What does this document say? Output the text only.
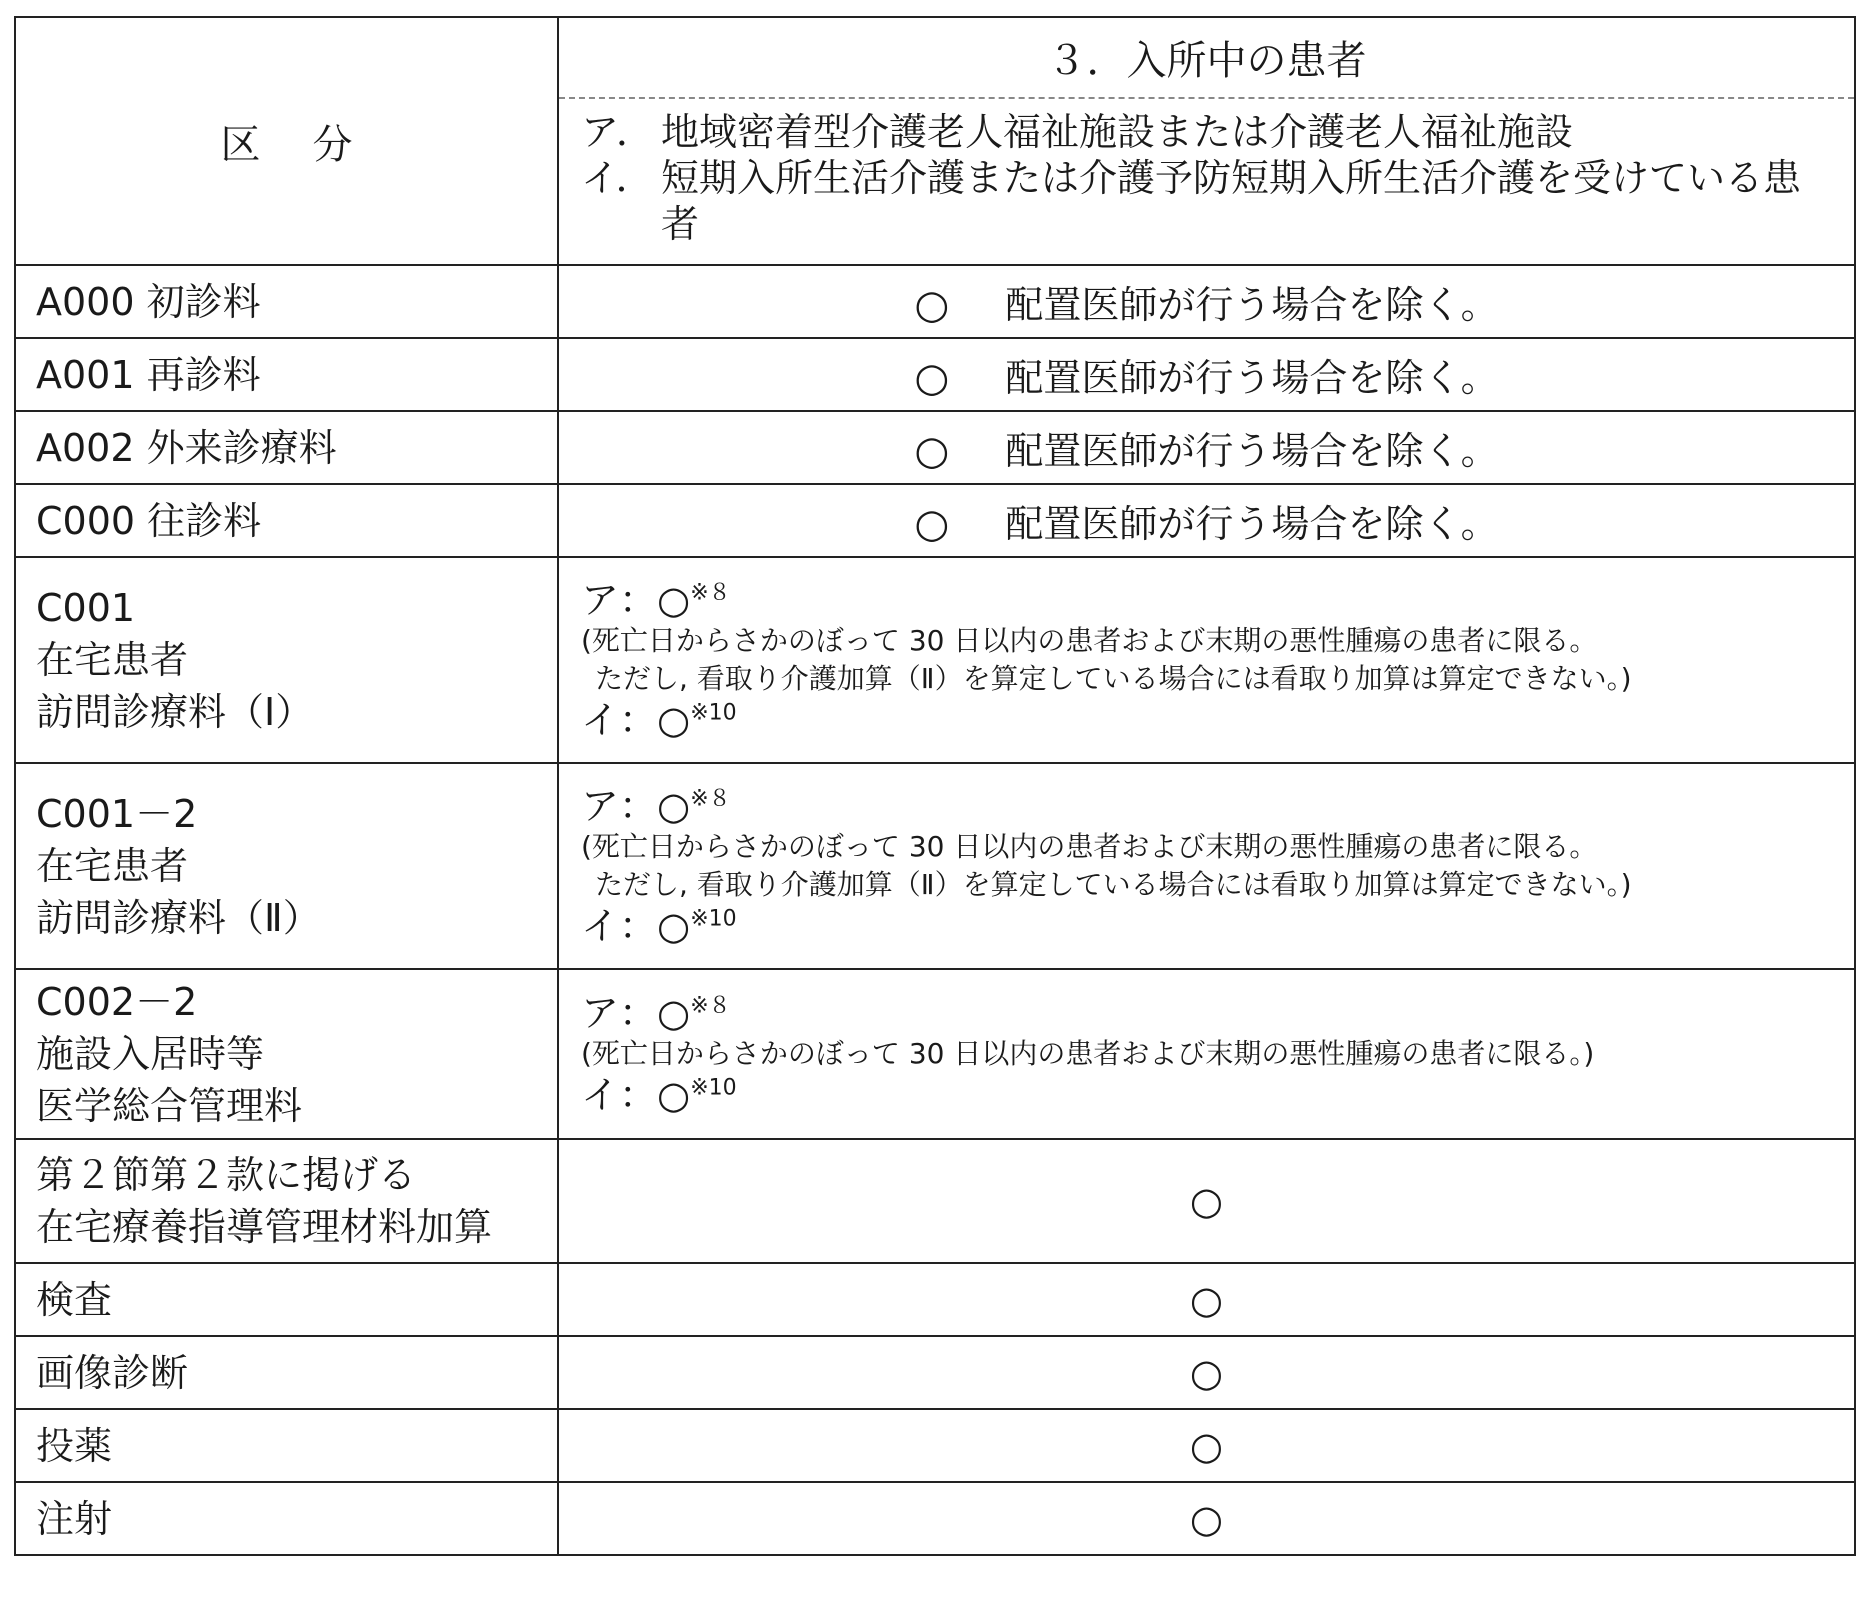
区分	３．入所中の患者
ア． 地域密着型介護老人福祉施設または介護老人福祉施設
イ． 短期入所生活介護または介護予防短期入所生活介護を受けている患者

A000 初診料	○ 配置医師が行う場合を除く。

A001 再診料	○ 配置医師が行う場合を除く。

A002 外来診療料	○ 配置医師が行う場合を除く。

C000 往診料	○ 配置医師が行う場合を除く。

C001
在宅患者
訪問診療料（Ⅰ）	ア：○$^{※8}$
(死亡日からさかのぼって 30 日以内の患者および末期の悪性腫瘍の患者に限る。
ただし, 看取り介護加算（Ⅱ）を算定している場合には看取り加算は算定できない。)
イ：○$^{※10}$

C001－2
在宅患者
訪問診療料（Ⅱ）	ア：○$^{※8}$
(死亡日からさかのぼって 30 日以内の患者および末期の悪性腫瘍の患者に限る。
ただし, 看取り介護加算（Ⅱ）を算定している場合には看取り加算は算定できない。)
イ：○$^{※10}$

C002－2
施設入居時等
医学総合管理料	ア：○$^{※8}$
(死亡日からさかのぼって 30 日以内の患者および末期の悪性腫瘍の患者に限る。)
イ：○$^{※10}$

第２節第２款に掲げる
在宅療養指導管理材料加算	○

検査	○

画像診断	○

投薬	○

注射	○
